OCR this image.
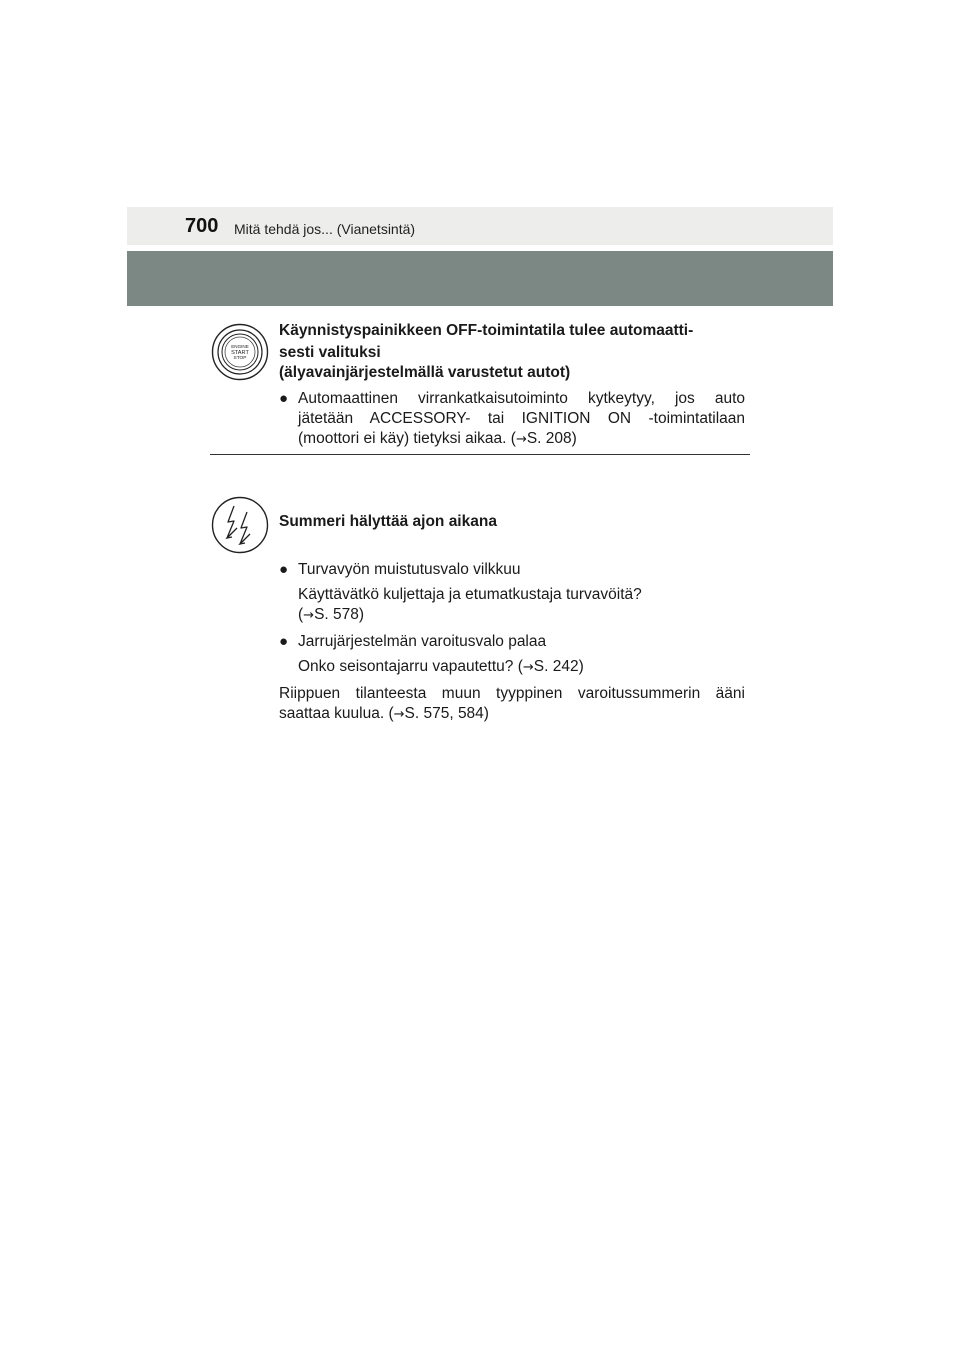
700 Mitä tehdä jos... (Vianetsintä)
ENGINE
START
STOP
Käynnistyspainikkeen OFF-toimintatila tulee automaatti-
sesti valituksi
(älyavainjärjestelmällä varustetut autot)
● Automaattinen virrankatkaisutoiminto kytkeytyy, jos auto
jätetään ACCESSORY- tai IGNITION ON -toimintatilaan
(moottori ei käy) tietyksi aikaa. (→S. 208)
Summeri hälyttää ajon aikana
● Turvavyön muistutusvalo vilkkuu
Käyttävätkö kuljettaja ja etumatkustaja turvavöitä?
(→S. 578)
● Jarrujärjestelmän varoitusvalo palaa
Onko seisontajarru vapautettu? (→S. 242)
Riippuen tilanteesta muun tyyppinen varoitussummerin ääni
saattaa kuulua. (→S. 575, 584)
